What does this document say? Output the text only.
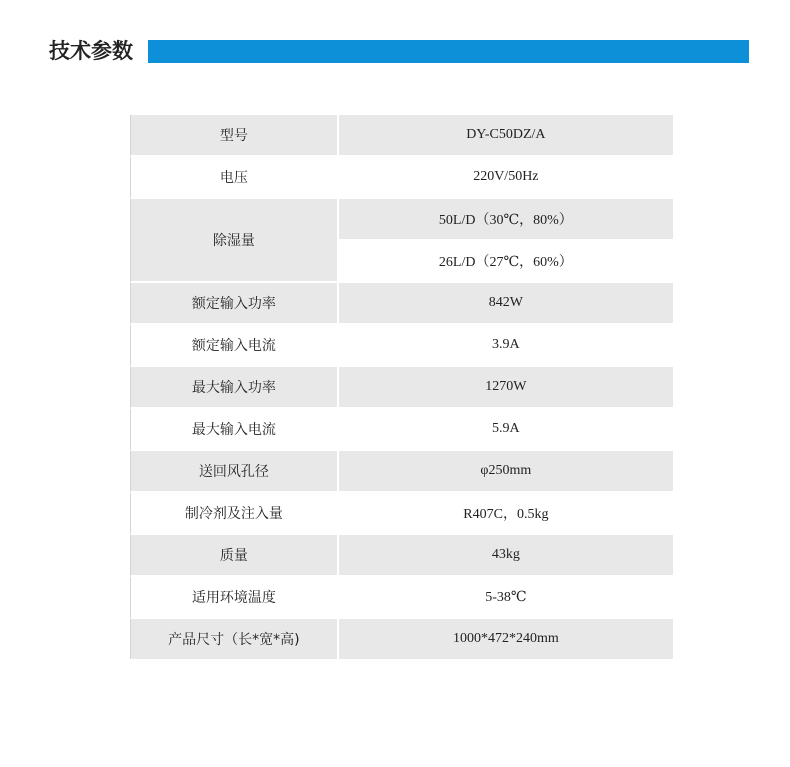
技术参数
型号	DY-C50DZ/A
电压	220V/50Hz
除湿量	50L/D（30℃，80%）
	26L/D（27℃，60%）
额定输入功率	842W
额定输入电流	3.9A
最大输入功率	1270W
最大输入电流	5.9A
送回风孔径	φ250mm
制冷剂及注入量	R407C，0.5kg
质量	43kg
适用环境温度	5-38℃
产品尺寸（长*宽*高)	1000*472*240mm
